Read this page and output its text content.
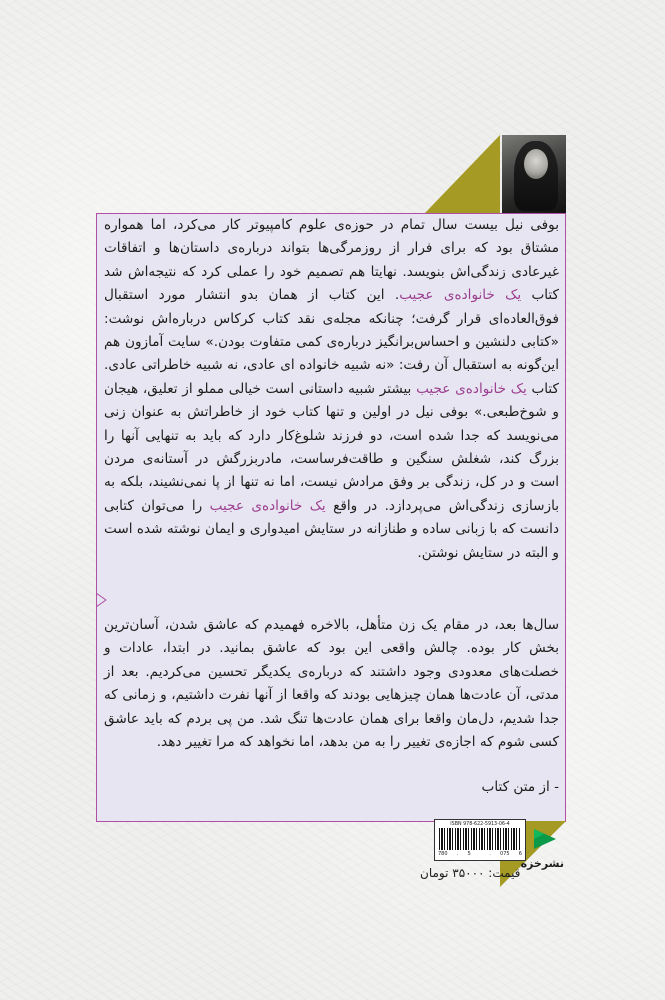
بوفی نیل بیست سال تمام در حوزه‌ی علوم کامپیوتر کار می‌کرد، اما همواره مشتاق بود که برای فرار از روزمرگی‌ها بتواند درباره‌ی داستان‌ها و اتفاقات غیرعادی زندگی‌اش بنویسد. نهایتا هم تصمیم خود را عملی کرد که نتیجه‌اش شد کتاب یک خانواده‌ی عجیب. این کتاب از همان بدو انتشار مورد استقبال فوق‌العاده‌ای قرار گرفت؛ چنانکه مجله‌ی نقد کتاب کرکاس درباره‌اش نوشت: «کتابی دلنشین و احساس‌برانگیز درباره‌ی کمی متفاوت بودن.» سایت آمازون هم این‌گونه به استقبال آن رفت: «نه شبیه خانواده ای عادی، نه شبیه خاطراتی عادی. کتاب یک خانواده‌ی عجیب بیشتر شبیه داستانی است خیالی مملو از تعلیق، هیجان و شوخ‌طبعی.» بوفی نیل در اولین و تنها کتاب خود از خاطراتش به عنوان زنی می‌نویسد که جدا شده است، دو فرزند شلوغ‌کار دارد که باید به تنهایی آنها را بزرگ کند، شغلش سنگین و طاقت‌فرساست، مادربزرگش در آستانه‌ی مردن است و در کل، زندگی بر وفق مرادش نیست، اما نه تنها از پا نمی‌نشیند، بلکه به بازسازی زندگی‌اش می‌پردازد. در واقع یک خانواده‌ی عجیب را می‌توان کتابی دانست که با زبانی ساده و طنازانه در ستایش امیدواری و ایمان نوشته شده است و البته در ستایش نوشتن.
سال‌ها بعد، در مقام یک زن متأهل، بالاخره فهمیدم که عاشق شدن، آسان‌ترین بخش کار بوده. چالش واقعی این بود که عاشق بمانید. در ابتدا، عادات و خصلت‌های معدودی وجود داشتند که درباره‌ی یکدیگر تحسین می‌کردیم. بعد از مدتی، آن عادت‌ها همان چیزهایی بودند که واقعا از آنها نفرت داشتیم، و زمانی که جدا شدیم، دل‌مان واقعا برای همان عادت‌ها تنگ شد. من پی بردم که باید عاشق کسی شوم که اجازه‌ی تغییر را به من بدهد، اما نخواهد که مرا تغییر دهد.
- از متن کتاب
ISBN 978-622-5913-06-4
780 . 5	. 075 6
نشرخزه
قیمت: ۳۵۰۰۰ تومان
